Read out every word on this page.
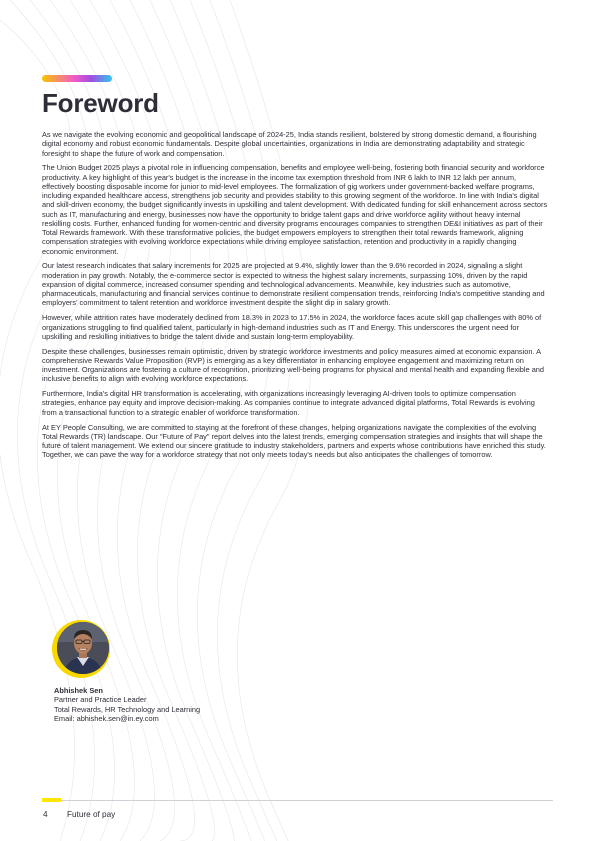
Foreword

As we navigate the evolving economic and geopolitical landscape of 2024-25, India stands resilient, bolstered by strong domestic demand, a flourishing digital economy and robust economic fundamentals. Despite global uncertainties, organizations in India are demonstrating adaptability and strategic foresight to shape the future of work and compensation.

The Union Budget 2025 plays a pivotal role in influencing compensation, benefits and employee well-being, fostering both financial security and workforce productivity. A key highlight of this year's budget is the increase in the income tax exemption threshold from INR 6 lakh to INR 12 lakh per annum, effectively boosting disposable income for junior to mid-level employees. The formalization of gig workers under government-backed welfare programs, including expanded healthcare access, strengthens job security and provides stability to this growing segment of the workforce. In line with India's digital and skill-driven economy, the budget significantly invests in upskilling and talent development. With dedicated funding for skill enhancement across sectors such as IT, manufacturing and energy, businesses now have the opportunity to bridge talent gaps and drive workforce agility without heavy internal reskilling costs. Further, enhanced funding for women-centric and diversity programs encourages companies to strengthen DE&I initiatives as part of their Total Rewards framework. With these transformative policies, the budget empowers employers to strengthen their total rewards framework, aligning compensation strategies with evolving workforce expectations while driving employee satisfaction, retention and productivity in a rapidly changing economic environment.

Our latest research indicates that salary increments for 2025 are projected at 9.4%, slightly lower than the 9.6% recorded in 2024, signaling a slight moderation in pay growth. Notably, the e-commerce sector is expected to witness the highest salary increments, surpassing 10%, driven by the rapid expansion of digital commerce, increased consumer spending and technological advancements. Meanwhile, key industries such as automotive, pharmaceuticals, manufacturing and financial services continue to demonstrate resilient compensation trends, reinforcing India's competitive standing and employers' commitment to talent retention and workforce investment despite the slight dip in salary growth.

However, while attrition rates have moderately declined from 18.3% in 2023 to 17.5% in 2024, the workforce faces acute skill gap challenges with 80% of organizations struggling to find qualified talent, particularly in high-demand industries such as IT and Energy. This underscores the urgent need for upskilling and reskilling initiatives to bridge the talent divide and sustain long-term employability.

Despite these challenges, businesses remain optimistic, driven by strategic workforce investments and policy measures aimed at economic expansion. A comprehensive Rewards Value Proposition (RVP) is emerging as a key differentiator in enhancing employee engagement and maximizing return on investment. Organizations are fostering a culture of recognition, prioritizing well-being programs for physical and mental health and expanding flexible and inclusive benefits to align with evolving workforce expectations.

Furthermore, India's digital HR transformation is accelerating, with organizations increasingly leveraging AI-driven tools to optimize compensation strategies, enhance pay equity and improve decision-making. As companies continue to integrate advanced digital platforms, Total Rewards is evolving from a transactional function to a strategic enabler of workforce transformation.

At EY People Consulting, we are committed to staying at the forefront of these changes, helping organizations navigate the complexities of the evolving Total Rewards (TR) landscape. Our "Future of Pay" report delves into the latest trends, emerging compensation strategies and insights that will shape the future of talent management. We extend our sincere gratitude to industry stakeholders, partners and experts whose contributions have enriched this study. Together, we can pave the way for a workforce strategy that not only meets today's needs but also anticipates the challenges of tomorrow.

Abhishek Sen
Partner and Practice Leader
Total Rewards, HR Technology and Learning
Email: abhishek.sen@in.ey.com
4 Future of pay
